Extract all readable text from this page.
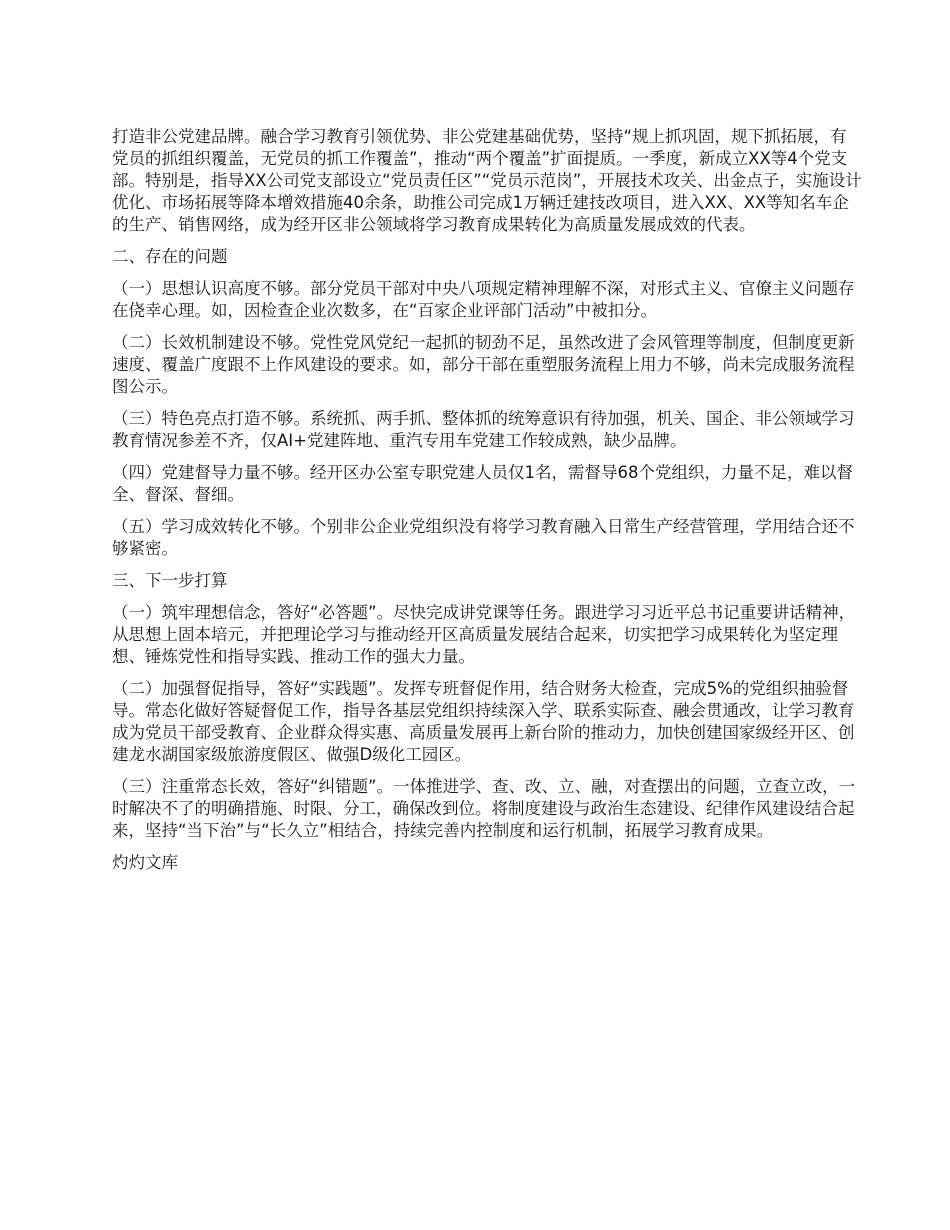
打造非公党建品牌。融合学习教育引领优势、非公党建基础优势，坚持“规上抓巩固，规下抓拓展，有党员的抓组织覆盖，无党员的抓工作覆盖”，推动“两个覆盖”扩面提质。一季度，新成立XX等4个党支部。特别是，指导XX公司党支部设立“党员责任区”“党员示范岗”，开展技术攻关、出金点子，实施设计优化、市场拓展等降本增效措施40余条，助推公司完成1万辆迁建技改项目，进入XX、XX等知名车企的生产、销售网络，成为经开区非公领域将学习教育成果转化为高质量发展成效的代表。

二、存在的问题

（一）思想认识高度不够。部分党员干部对中央八项规定精神理解不深，对形式主义、官僚主义问题存在侥幸心理。如，因检查企业次数多，在“百家企业评部门活动”中被扣分。

（二）长效机制建设不够。党性党风党纪一起抓的韧劲不足，虽然改进了会风管理等制度，但制度更新速度、覆盖广度跟不上作风建设的要求。如，部分干部在重塑服务流程上用力不够，尚未完成服务流程图公示。

（三）特色亮点打造不够。系统抓、两手抓、整体抓的统筹意识有待加强，机关、国企、非公领域学习教育情况参差不齐，仅AI+党建阵地、重汽专用车党建工作较成熟，缺少品牌。

（四）党建督导力量不够。经开区办公室专职党建人员仅1名，需督导68个党组织，力量不足，难以督全、督深、督细。

（五）学习成效转化不够。个别非公企业党组织没有将学习教育融入日常生产经营管理，学用结合还不够紧密。

三、下一步打算

（一）筑牢理想信念，答好“必答题”。尽快完成讲党课等任务。跟进学习习近平总书记重要讲话精神，从思想上固本培元，并把理论学习与推动经开区高质量发展结合起来，切实把学习成果转化为坚定理想、锤炼党性和指导实践、推动工作的强大力量。

（二）加强督促指导，答好“实践题”。发挥专班督促作用，结合财务大检查，完成5%的党组织抽验督导。常态化做好答疑督促工作，指导各基层党组织持续深入学、联系实际查、融会贯通改，让学习教育成为党员干部受教育、企业群众得实惠、高质量发展再上新台阶的推动力，加快创建国家级经开区、创建龙水湖国家级旅游度假区、做强D级化工园区。

（三）注重常态长效，答好“纠错题”。一体推进学、查、改、立、融，对查摆出的问题，立查立改，一时解决不了的明确措施、时限、分工，确保改到位。将制度建设与政治生态建设、纪律作风建设结合起来，坚持“当下治”与“长久立”相结合，持续完善内控制度和运行机制，拓展学习教育成果。

灼灼文库
